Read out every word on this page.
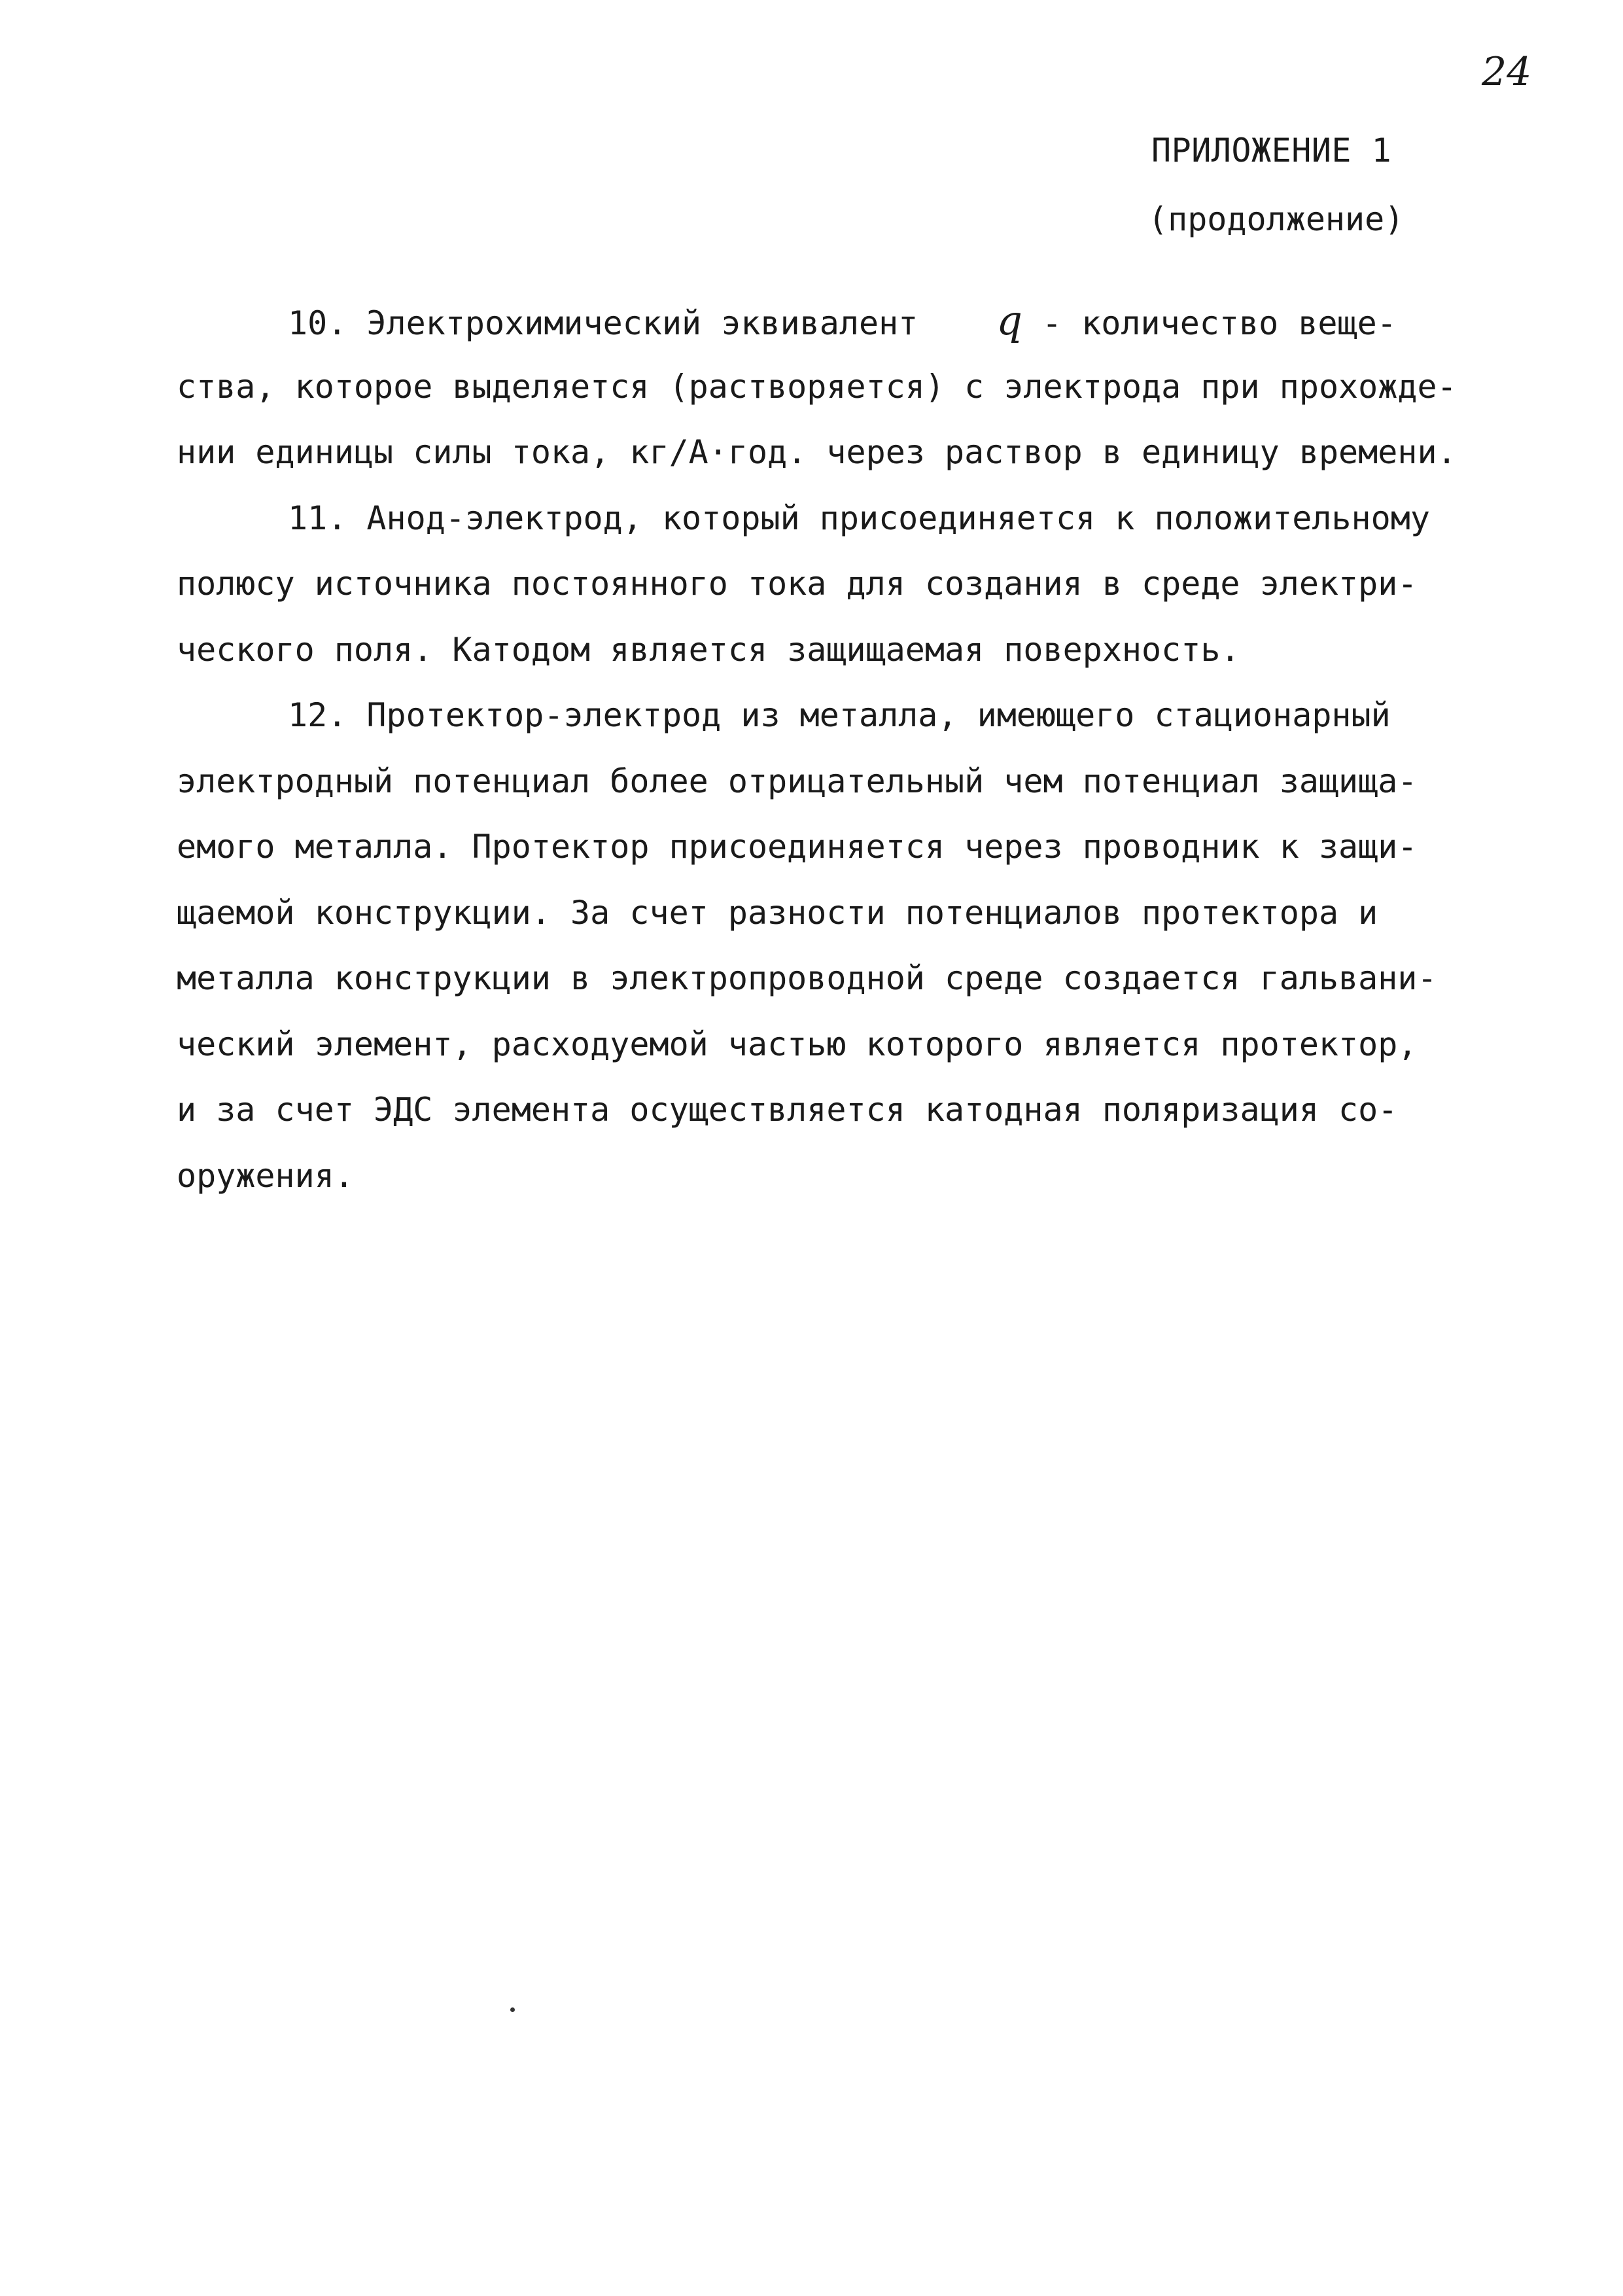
24
ПРИЛОЖЕНИЕ 1
(продолжение)
10. Электрохимический эквивалент q - количество веще-
ства, которое выделяется (растворяется) с электрода при прохожде-
нии единицы силы тока, кг/А·год. через раствор в единицу времени.
11. Анод-электрод, который присоединяется к положительному
полюсу источника постоянного тока для создания в среде электри-
ческого поля. Катодом является защищаемая поверхность.
12. Протектор-электрод из металла, имеющего стационарный
электродный потенциал более отрицательный чем потенциал защища-
емого металла. Протектор присоединяется через проводник к защи-
щаемой конструкции. За счет разности потенциалов протектора и
металла конструкции в электропроводной среде создается гальвани-
ческий элемент, расходуемой частью которого является протектор,
и за счет ЭДС элемента осуществляется катодная поляризация со-
оружения.
